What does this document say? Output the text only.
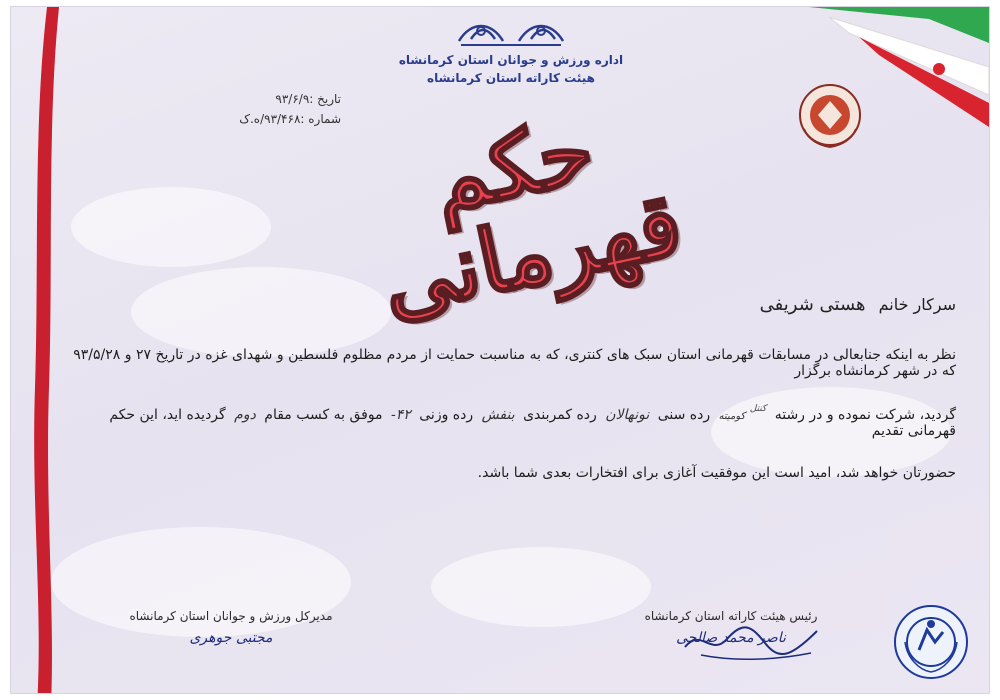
اداره ورزش و جوانان استان کرمانشاه
هیئت کاراته استان کرمانشاه
تاریخ :۹۳/۶/۹
شماره :۹۳/۴۶۸/ه.ک حکم قهرمانی	سرکار خانم هستی شریفی
نظر به اینکه جنابعالی در مسابقات قهرمانی استان سبک های کنتری، که به مناسبت حمایت از مردم مظلوم فلسطین و شهدای غزه در تاریخ ۲۷ و ۹۳/۵/۲۸ که در شهر کرمانشاه برگزار
گردید، شرکت نموده و در رشته $^{کنتل}$ کومیته رده سنی نونهالان رده کمربندی بنفش رده وزنی ۴۲- موفق به کسب مقام دوم گردیده اید، این حکم قهرمانی تقدیم
حضورتان خواهد شد، امید است این موفقیت آغازی برای افتخارات بعدی شما باشد.
مدیرکل ورزش و جوانان استان کرمانشاه
مجتبی جوهری
رئیس هیئت کاراته استان کرمانشاه
ناصر محمد صالحی
